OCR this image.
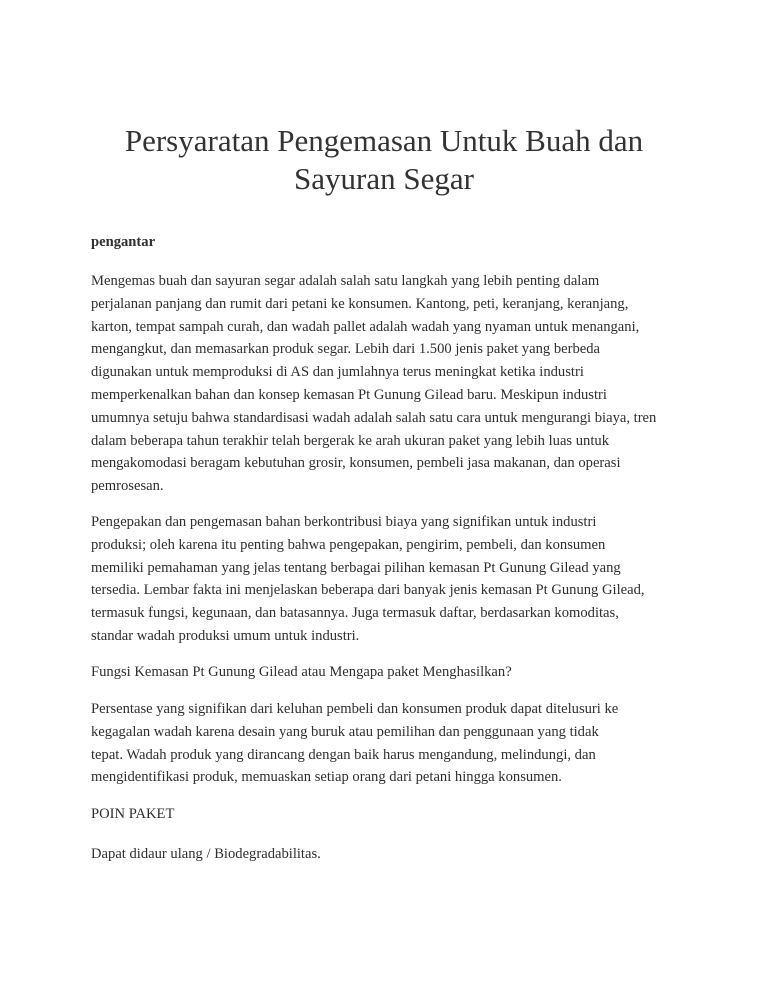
Persyaratan Pengemasan Untuk Buah dan Sayuran Segar

pengantar

Mengemas buah dan sayuran segar adalah salah satu langkah yang lebih penting dalam
perjalanan panjang dan rumit dari petani ke konsumen. Kantong, peti, keranjang, keranjang,
karton, tempat sampah curah, dan wadah pallet adalah wadah yang nyaman untuk menangani,
mengangkut, dan memasarkan produk segar. Lebih dari 1.500 jenis paket yang berbeda
digunakan untuk memproduksi di AS dan jumlahnya terus meningkat ketika industri
memperkenalkan bahan dan konsep kemasan Pt Gunung Gilead baru. Meskipun industri
umumnya setuju bahwa standardisasi wadah adalah salah satu cara untuk mengurangi biaya, tren
dalam beberapa tahun terakhir telah bergerak ke arah ukuran paket yang lebih luas untuk
mengakomodasi beragam kebutuhan grosir, konsumen, pembeli jasa makanan, dan operasi
pemrosesan.

Pengepakan dan pengemasan bahan berkontribusi biaya yang signifikan untuk industri
produksi; oleh karena itu penting bahwa pengepakan, pengirim, pembeli, dan konsumen
memiliki pemahaman yang jelas tentang berbagai pilihan kemasan Pt Gunung Gilead yang
tersedia. Lembar fakta ini menjelaskan beberapa dari banyak jenis kemasan Pt Gunung Gilead,
termasuk fungsi, kegunaan, dan batasannya. Juga termasuk daftar, berdasarkan komoditas,
standar wadah produksi umum untuk industri.

Fungsi Kemasan Pt Gunung Gilead atau Mengapa paket Menghasilkan?

Persentase yang signifikan dari keluhan pembeli dan konsumen produk dapat ditelusuri ke
kegagalan wadah karena desain yang buruk atau pemilihan dan penggunaan yang tidak
tepat. Wadah produk yang dirancang dengan baik harus mengandung, melindungi, dan
mengidentifikasi produk, memuaskan setiap orang dari petani hingga konsumen.

POIN PAKET

Dapat didaur ulang / Biodegradabilitas.
